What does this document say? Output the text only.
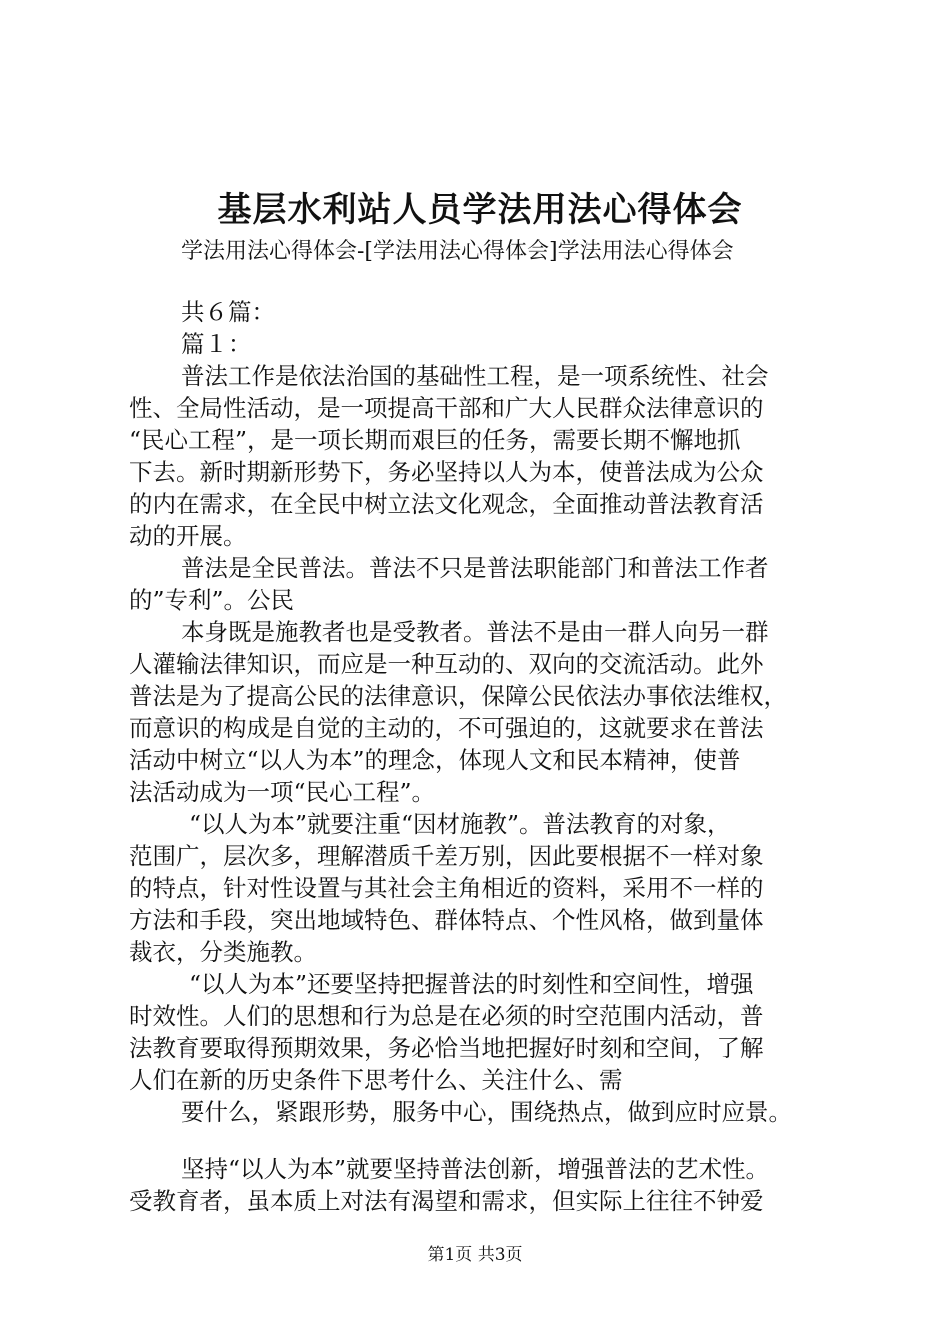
基层水利站人员学法用法心得体会
学法用法心得体会-[学法用法心得体会]学法用法心得体会
共６篇：
篇１：
普法工作是依法治国的基础性工程，是一项系统性、社会
性、全局性活动，是一项提高干部和广大人民群众法律意识的
“民心工程”，是一项长期而艰巨的任务，需要长期不懈地抓
下去。新时期新形势下，务必坚持以人为本，使普法成为公众
的内在需求，在全民中树立法文化观念，全面推动普法教育活
动的开展。
普法是全民普法。普法不只是普法职能部门和普法工作者
的”专利”。公民
本身既是施教者也是受教者。普法不是由一群人向另一群
人灌输法律知识，而应是一种互动的、双向的交流活动。此外
普法是为了提高公民的法律意识，保障公民依法办事依法维权，
而意识的构成是自觉的主动的，不可强迫的，这就要求在普法
活动中树立“以人为本”的理念，体现人文和民本精神，使普
法活动成为一项“民心工程”。
“以人为本”就要注重“因材施教”。普法教育的对象，
范围广，层次多，理解潜质千差万别，因此要根据不一样对象
的特点，针对性设置与其社会主角相近的资料，采用不一样的
方法和手段，突出地域特色、群体特点、个性风格，做到量体
裁衣，分类施教。
“以人为本”还要坚持把握普法的时刻性和空间性，增强
时效性。人们的思想和行为总是在必须的时空范围内活动，普
法教育要取得预期效果，务必恰当地把握好时刻和空间，了解
人们在新的历史条件下思考什么、关注什么、需
要什么，紧跟形势，服务中心，围绕热点，做到应时应景。
坚持“以人为本”就要坚持普法创新，增强普法的艺术性。
受教育者，虽本质上对法有渴望和需求，但实际上往往不钟爱
第1页 共3页
